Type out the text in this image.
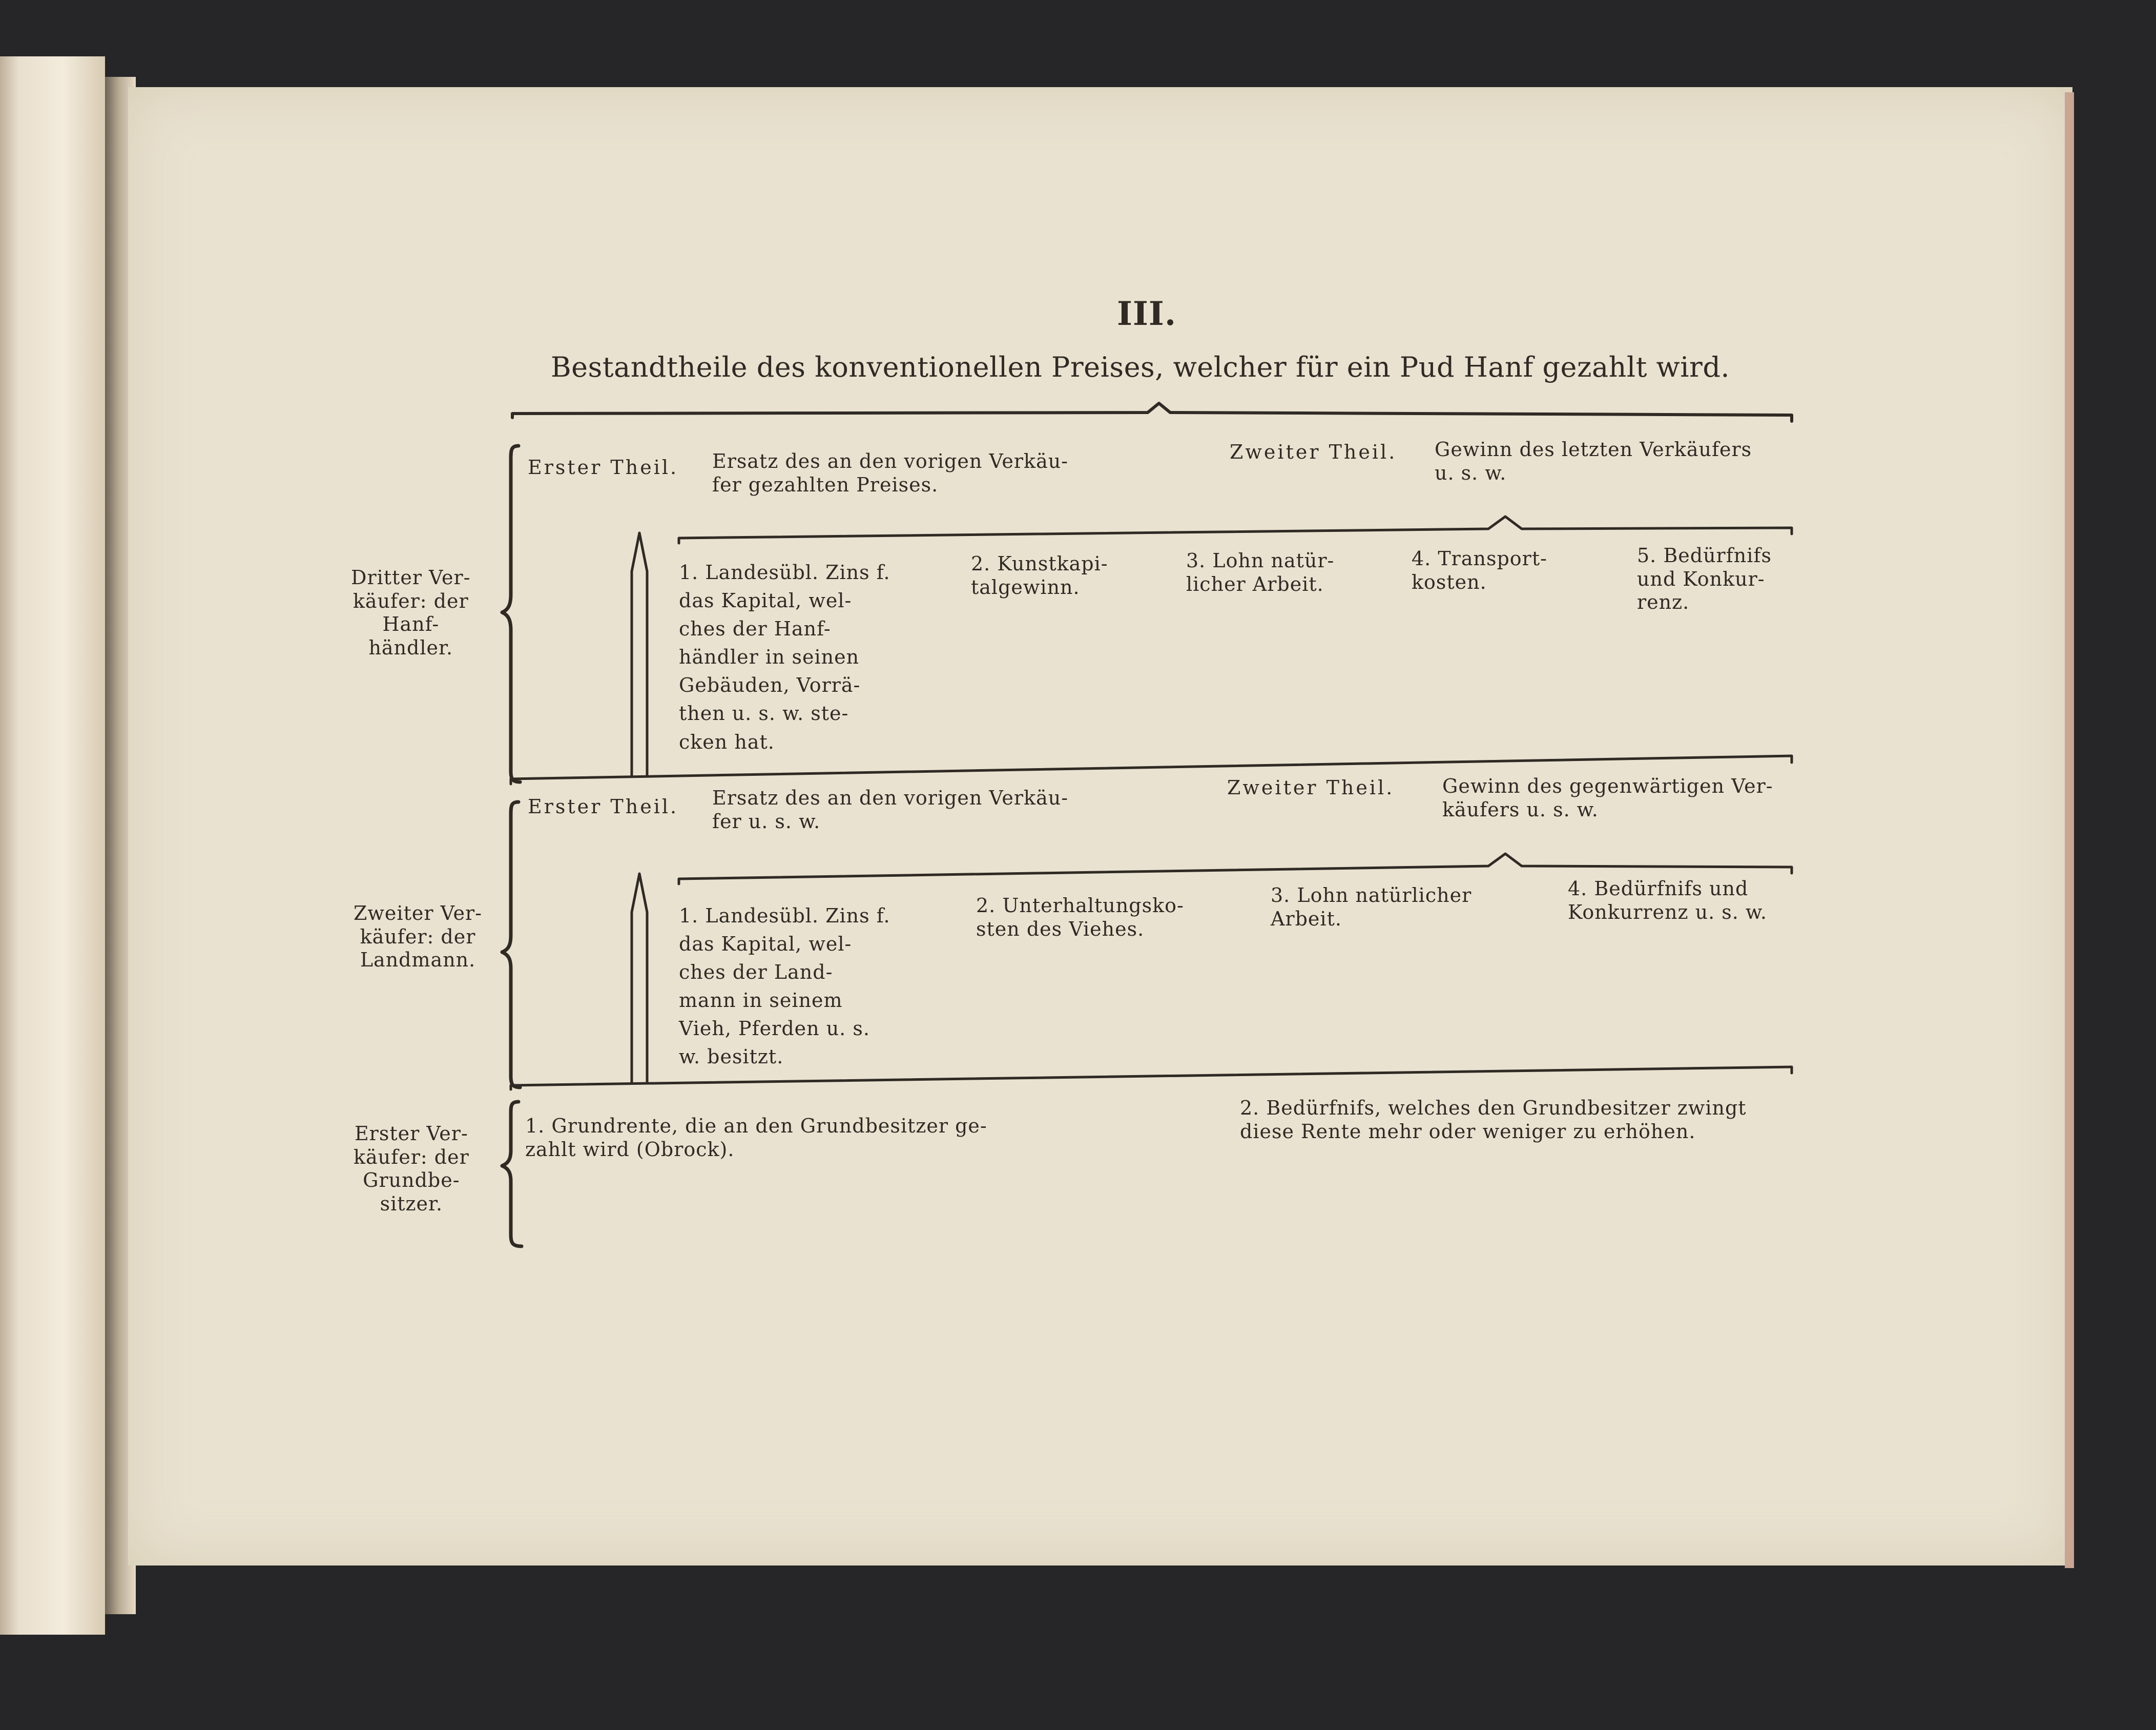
III.
Bestandtheile des konventionellen Preises, welcher für ein Pud Hanf gezahlt wird.
Dritter Ver-
käufer: der
Hanf-
händler.
Erster Theil. Ersatz des an den vorigen Verkäu-
fer gezahlten Preises.
Zweiter Theil. Gewinn des letzten Verkäufers
u. s. w.
1. Landesübl. Zins f.
das Kapital, wel-
ches der Hanf-
händler in seinen
Gebäuden, Vorrä-
then u. s. w. ste-
cken hat.
2. Kunstkapi-
talgewinn.
3. Lohn natür-
licher Arbeit.
4. Transport-
kosten.
5. Bedürfnifs
und Konkur-
renz.
Zweiter Ver-
käufer: der
Landmann.
Erster Theil. Ersatz des an den vorigen Verkäu-
fer u. s. w.
Zweiter Theil. Gewinn des gegenwärtigen Ver-
käufers u. s. w.
1. Landesübl. Zins f.
das Kapital, wel-
ches der Land-
mann in seinem
Vieh, Pferden u. s.
w. besitzt.
2. Unterhaltungsko-
sten des Viehes.
3. Lohn natürlicher
Arbeit.
4. Bedürfnifs und
Konkurrenz u. s. w.
Erster Ver-
käufer: der
Grundbe-
sitzer.
1. Grundrente, die an den Grundbesitzer ge-
zahlt wird (Obrock).
2. Bedürfnifs, welches den Grundbesitzer zwingt
diese Rente mehr oder weniger zu erhöhen.
